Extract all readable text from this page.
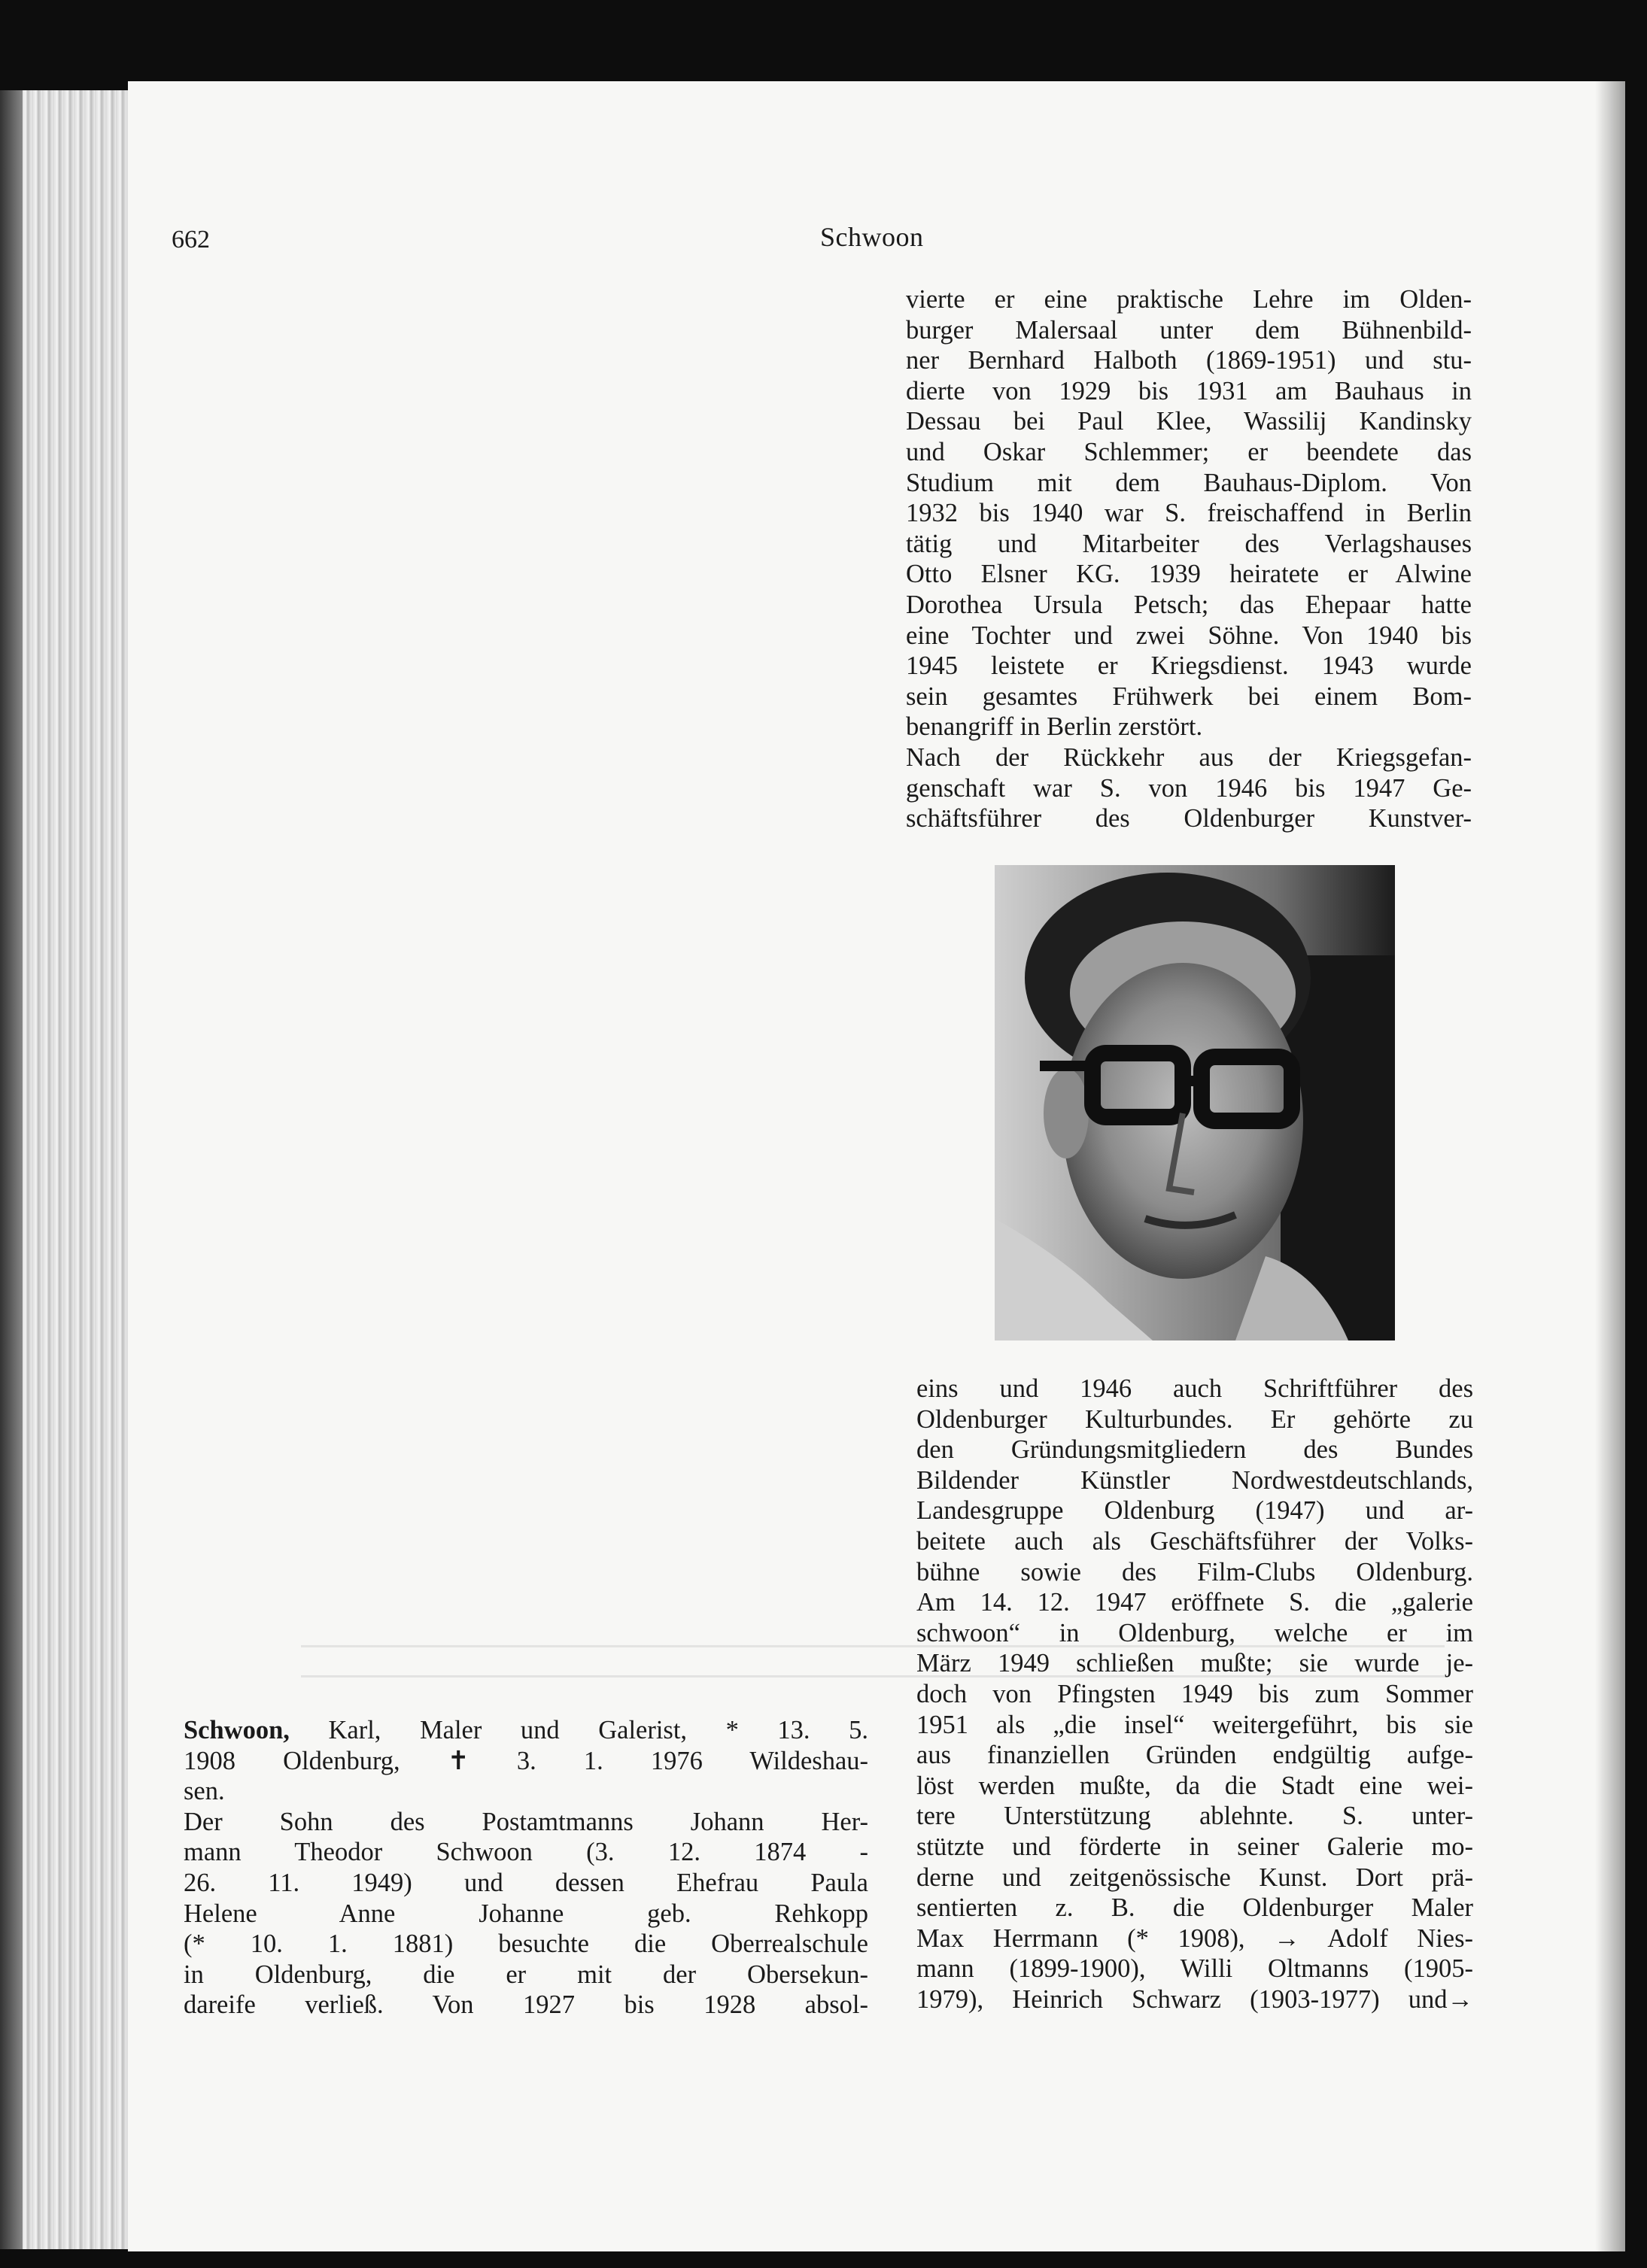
662	Schwoon

Schwoon, Karl, Maler und Galerist, * 13. 5.

1908 Oldenburg, ✝ 3. 1. 1976 Wildeshau-

sen.

Der Sohn des Postamtmanns Johann Her-

mann Theodor Schwoon (3. 12. 1874 -

26. 11. 1949) und dessen Ehefrau Paula

Helene Anne Johanne geb. Rehkopp

(* 10. 1. 1881) besuchte die Oberrealschule

in Oldenburg, die er mit der Obersekun-

dareife verließ. Von 1927 bis 1928 absol-

vierte er eine praktische Lehre im Olden-

burger Malersaal unter dem Bühnenbild-

ner Bernhard Halboth (1869-1951) und stu-

dierte von 1929 bis 1931 am Bauhaus in

Dessau bei Paul Klee, Wassilij Kandinsky

und Oskar Schlemmer; er beendete das

Studium mit dem Bauhaus-Diplom. Von

1932 bis 1940 war S. freischaffend in Berlin

tätig und Mitarbeiter des Verlagshauses

Otto Elsner KG. 1939 heiratete er Alwine

Dorothea Ursula Petsch; das Ehepaar hatte

eine Tochter und zwei Söhne. Von 1940 bis

1945 leistete er Kriegsdienst. 1943 wurde

sein gesamtes Frühwerk bei einem Bom-

benangriff in Berlin zerstört.

Nach der Rückkehr aus der Kriegsgefan-

genschaft war S. von 1946 bis 1947 Ge-

schäftsführer des Oldenburger Kunstver-

eins und 1946 auch Schriftführer des

Oldenburger Kulturbundes. Er gehörte zu

den Gründungsmitgliedern des Bundes

Bildender Künstler Nordwestdeutschlands,

Landesgruppe Oldenburg (1947) und ar-

beitete auch als Geschäftsführer der Volks-

bühne sowie des Film-Clubs Oldenburg.

Am 14. 12. 1947 eröffnete S. die „galerie

schwoon“ in Oldenburg, welche er im

März 1949 schließen mußte; sie wurde je-

doch von Pfingsten 1949 bis zum Sommer

1951 als „die insel“ weitergeführt, bis sie

aus finanziellen Gründen endgültig aufge-

löst werden mußte, da die Stadt eine wei-

tere Unterstützung ablehnte. S. unter-

stützte und förderte in seiner Galerie mo-

derne und zeitgenössische Kunst. Dort prä-

sentierten z. B. die Oldenburger Maler

Max Herrmann (* 1908), → Adolf Nies-

mann (1899-1900), Willi Oltmanns (1905-

1979), Heinrich Schwarz (1903-1977) und→
